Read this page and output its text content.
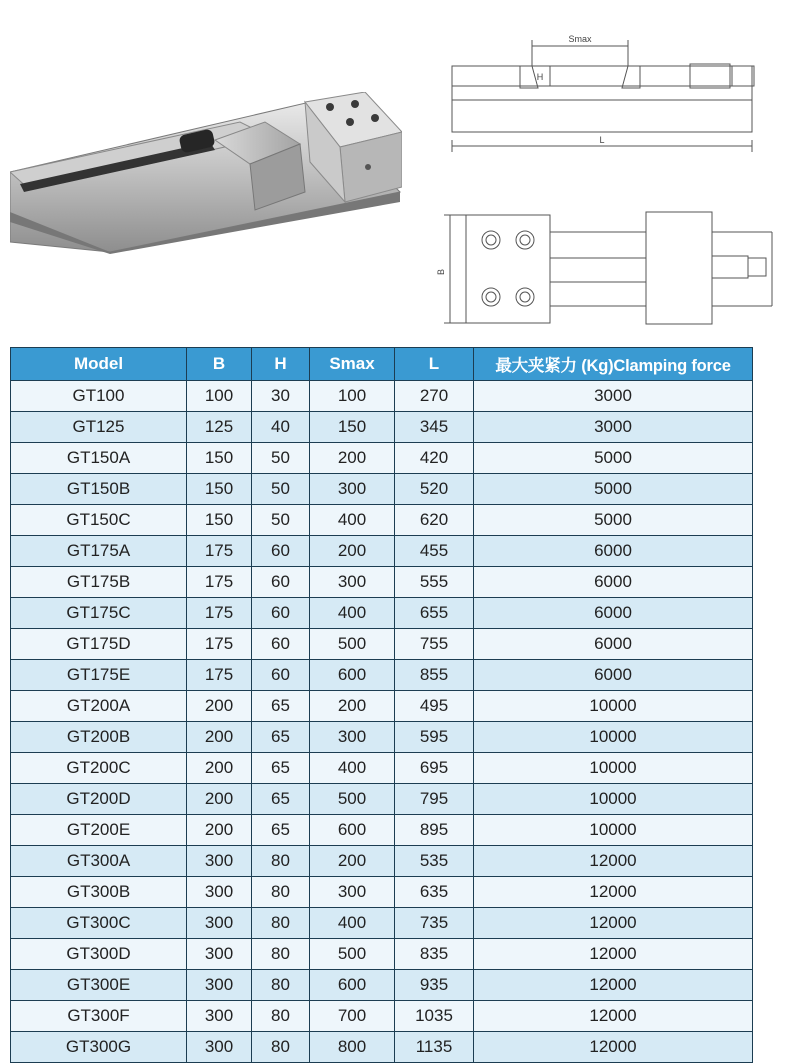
Smax
H
L
B
Model	B	H	Smax	L	最大夹紧力 (Kg)Clamping force
GT100	100	30	100	270	3000
GT125	125	40	150	345	3000
GT150A	150	50	200	420	5000
GT150B	150	50	300	520	5000
GT150C	150	50	400	620	5000
GT175A	175	60	200	455	6000
GT175B	175	60	300	555	6000
GT175C	175	60	400	655	6000
GT175D	175	60	500	755	6000
GT175E	175	60	600	855	6000
GT200A	200	65	200	495	10000
GT200B	200	65	300	595	10000
GT200C	200	65	400	695	10000
GT200D	200	65	500	795	10000
GT200E	200	65	600	895	10000
GT300A	300	80	200	535	12000
GT300B	300	80	300	635	12000
GT300C	300	80	400	735	12000
GT300D	300	80	500	835	12000
GT300E	300	80	600	935	12000
GT300F	300	80	700	1035	12000
GT300G	300	80	800	1135	12000
